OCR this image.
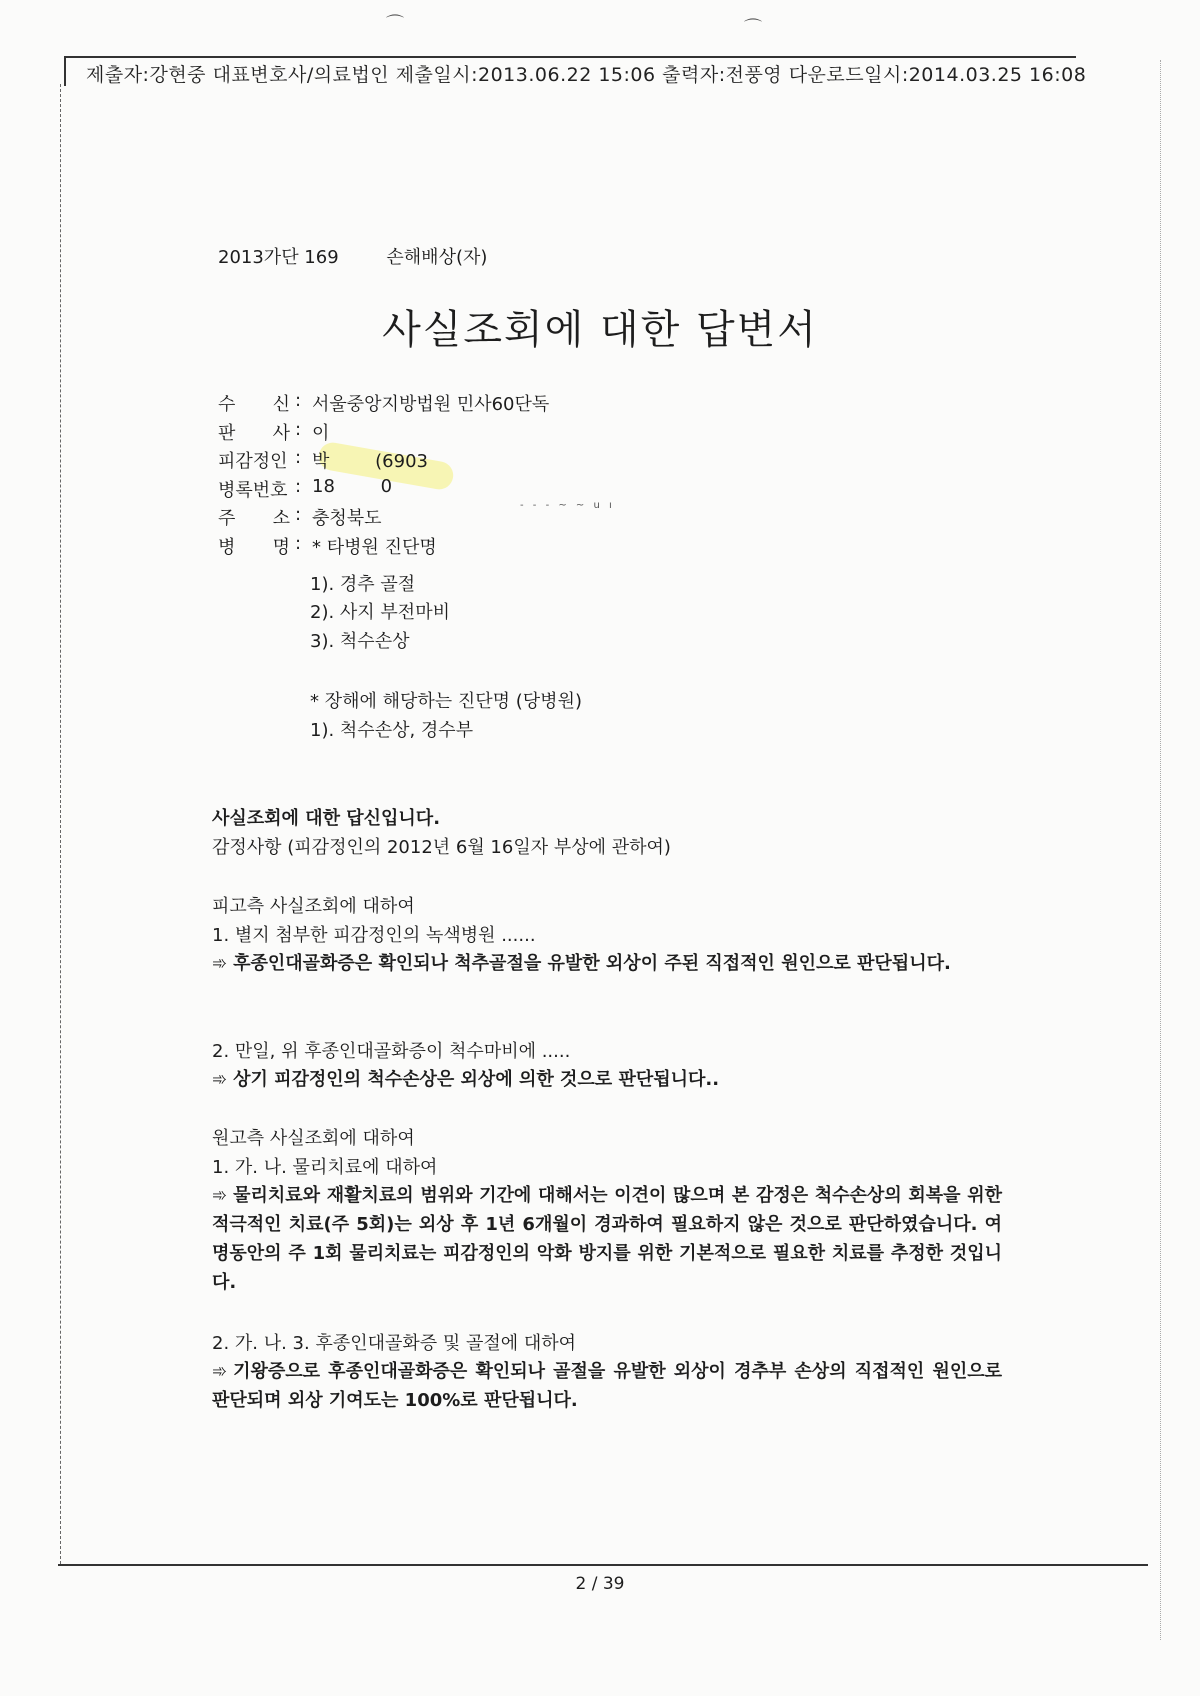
제출자:강현중 대표변호사/의료법인 제출일시:2013.06.22 15:06 출력자:전풍영 다운로드일시:2014.03.25 16:08
⌒	⌒
2013가단 169	손해배상(자)
사실조회에 대한 답변서
수 신 : 서울중앙지방법원 민사60단독
판 사 : 이
피감정인 : 박        (6903
병록번호 : 18        0
주 소 : 충청북도
병 명 : * 타병원 진단명
- - - ~ ~ u ı
1). 경추 골절
2). 사지 부전마비
3). 척수손상
* 장해에 해당하는 진단명 (당병원)
1). 척수손상, 경수부
사실조회에 대한 답신입니다.
감정사항 (피감정인의 2012년 6월 16일자 부상에 관하여)
피고측 사실조회에 대하여
1. 별지 첨부한 피감정인의 녹색병원 ......
➾ 후종인대골화증은 확인되나 척추골절을 유발한 외상이 주된 직접적인 원인으로 판단됩니다.
2. 만일, 위 후종인대골화증이 척수마비에 .....
➾ 상기 피감정인의 척수손상은 외상에 의한 것으로 판단됩니다..
원고측 사실조회에 대하여
1. 가. 나. 물리치료에 대하여
➾ 물리치료와 재활치료의 범위와 기간에 대해서는 이견이 많으며 본 감정은 척수손상의 회복을 위한 적극적인 치료(주 5회)는 외상 후 1년 6개월이 경과하여 필요하지 않은 것으로 판단하였습니다. 여명동안의 주 1회 물리치료는 피감정인의 악화 방지를 위한 기본적으로 필요한 치료를 추정한 것입니다.
2. 가. 나. 3. 후종인대골화증 및 골절에 대하여
➾ 기왕증으로 후종인대골화증은 확인되나 골절을 유발한 외상이 경추부 손상의 직접적인 원인으로 판단되며 외상 기여도는 100%로 판단됩니다.
2 / 39
